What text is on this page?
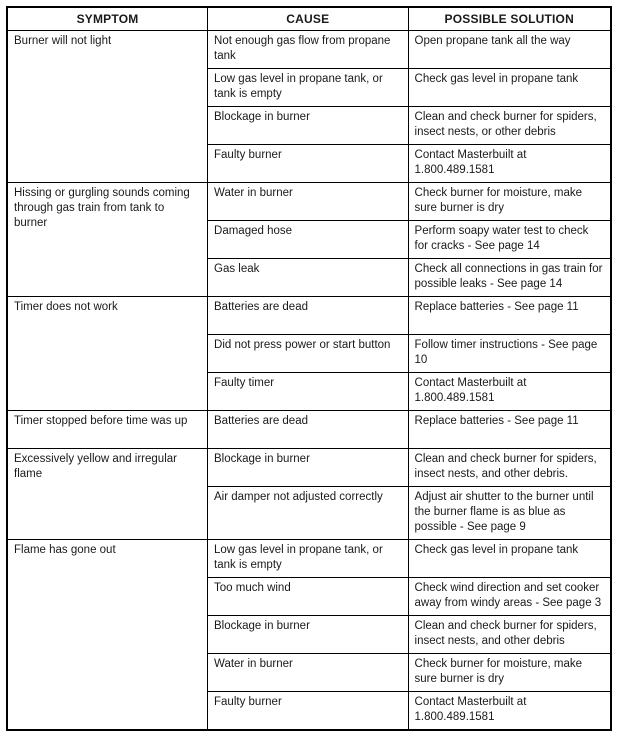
SYMPTOM	CAUSE	POSSIBLE SOLUTION
Burner will not light	Not enough gas flow from propane tank	Open propane tank all the way
	Low gas level in propane tank, or tank is empty	Check gas level in propane tank
	Blockage in burner	Clean and check burner for spiders, insect nests, or other debris
	Faulty burner	Contact Masterbuilt at 1.800.489.1581
Hissing or gurgling sounds coming through gas train from tank to burner	Water in burner	Check burner for moisture, make sure burner is dry
	Damaged hose	Perform soapy water test to check for cracks - See page 14
	Gas leak	Check all connections in gas train for possible leaks - See page 14
Timer does not work	Batteries are dead	Replace batteries - See page 11
	Did not press power or start button	Follow timer instructions - See page 10
	Faulty timer	Contact Masterbuilt at 1.800.489.1581
Timer stopped before time was up	Batteries are dead	Replace batteries - See page 11
Excessively yellow and irregular flame	Blockage in burner	Clean and check burner for spiders, insect nests, and other debris.
	Air damper not adjusted correctly	Adjust air shutter to the burner until the burner flame is as blue as possible - See page 9
Flame has gone out	Low gas level in propane tank, or tank is empty	Check gas level in propane tank
	Too much wind	Check wind direction and set cooker away from windy areas - See page 3
	Blockage in burner	Clean and check burner for spiders, insect nests, and other debris
	Water in burner	Check burner for moisture, make sure burner is dry
	Faulty burner	Contact Masterbuilt at 1.800.489.1581
